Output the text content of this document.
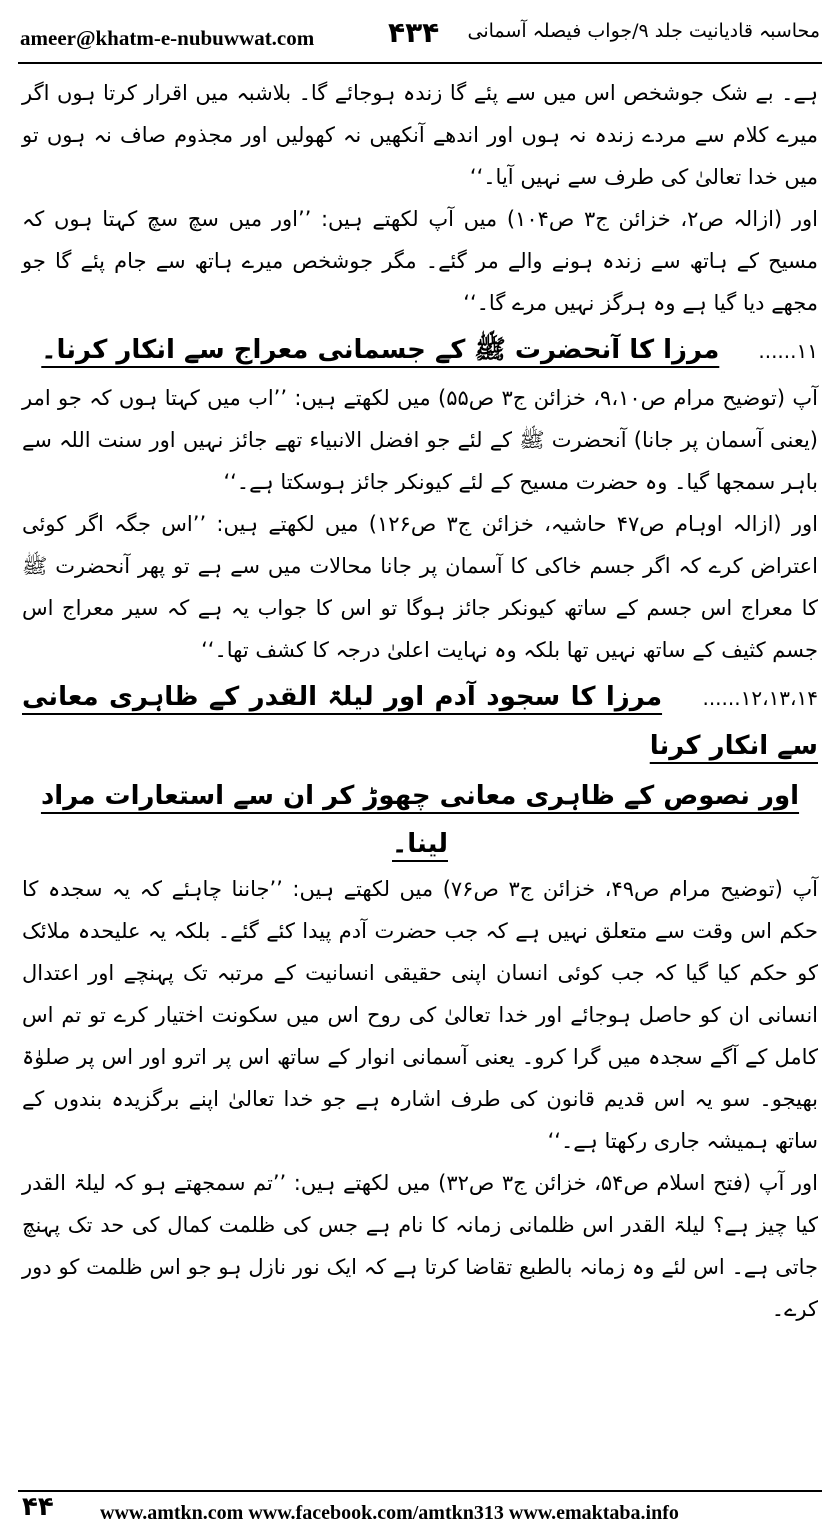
ameer@khatm-e-nubuwwat.com	۴۳۴ محاسبہ قادیانیت جلد ۹/جواب فیصلہ آسمانی

ہے۔ بے شک جوشخص اس میں سے پئے گا زندہ ہوجائے گا۔ بلاشبہ میں اقرار کرتا ہوں اگر میرے کلام سے مردے زندہ نہ ہوں اور اندھے آنکھیں نہ کھولیں اور مجذوم صاف نہ ہوں تو میں خدا تعالیٰ کی طرف سے نہیں آیا۔‘‘

اور (ازالہ ص۲، خزائن ج۳ ص۱۰۴) میں آپ لکھتے ہیں: ’’اور میں سچ سچ کہتا ہوں کہ مسیح کے ہاتھ سے زندہ ہونے والے مر گئے۔ مگر جوشخص میرے ہاتھ سے جام پئے گا جو مجھے دیا گیا ہے وہ ہرگز نہیں مرے گا۔‘‘

۱۱...... مرزا کا آنحضرت ﷺ کے جسمانی معراج سے انکار کرنا۔

آپ (توضیح مرام ص۹،۱۰، خزائن ج۳ ص۵۵) میں لکھتے ہیں: ’’اب میں کہتا ہوں کہ جو امر (یعنی آسمان پر جانا) آنحضرت ﷺ کے لئے جو افضل الانبیاء تھے جائز نہیں اور سنت اللہ سے باہر سمجھا گیا۔ وہ حضرت مسیح کے لئے کیونکر جائز ہوسکتا ہے۔‘‘

اور (ازالہ اوہام ص۴۷ حاشیہ، خزائن ج۳ ص۱۲۶) میں لکھتے ہیں: ’’اس جگہ اگر کوئی اعتراض کرے کہ اگر جسم خاکی کا آسمان پر جانا محالات میں سے ہے تو پھر آنحضرت ﷺ کا معراج اس جسم کے ساتھ کیونکر جائز ہوگا تو اس کا جواب یہ ہے کہ سیر معراج اس جسم کثیف کے ساتھ نہیں تھا بلکہ وہ نہایت اعلیٰ درجہ کا کشف تھا۔‘‘

۱۲،۱۳،۱۴...... مرزا کا سجود آدم اور لیلۃ القدر کے ظاہری معانی سے انکار کرنا
اور نصوص کے ظاہری معانی چھوڑ کر ان سے استعارات مراد لینا۔

آپ (توضیح مرام ص۴۹، خزائن ج۳ ص۷۶) میں لکھتے ہیں: ’’جاننا چاہئے کہ یہ سجدہ کا حکم اس وقت سے متعلق نہیں ہے کہ جب حضرت آدم پیدا کئے گئے۔ بلکہ یہ علیحدہ ملائک کو حکم کیا گیا کہ جب کوئی انسان اپنی حقیقی انسانیت کے مرتبہ تک پہنچے اور اعتدال انسانی ان کو حاصل ہوجائے اور خدا تعالیٰ کی روح اس میں سکونت اختیار کرے تو تم اس کامل کے آگے سجدہ میں گرا کرو۔ یعنی آسمانی انوار کے ساتھ اس پر اترو اور اس پر صلوٰۃ بھیجو۔ سو یہ اس قدیم قانون کی طرف اشارہ ہے جو خدا تعالیٰ اپنے برگزیدہ بندوں کے ساتھ ہمیشہ جاری رکھتا ہے۔‘‘

اور آپ (فتح اسلام ص۵۴، خزائن ج۳ ص۳۲) میں لکھتے ہیں: ’’تم سمجھتے ہو کہ لیلۃ القدر کیا چیز ہے؟ لیلۃ القدر اس ظلمانی زمانہ کا نام ہے جس کی ظلمت کمال کی حد تک پہنچ جاتی ہے۔ اس لئے وہ زمانہ بالطبع تقاضا کرتا ہے کہ ایک نور نازل ہو جو اس ظلمت کو دور کرے۔

۴۴ www.amtkn.com www.facebook.com/amtkn313 www.emaktaba.info
